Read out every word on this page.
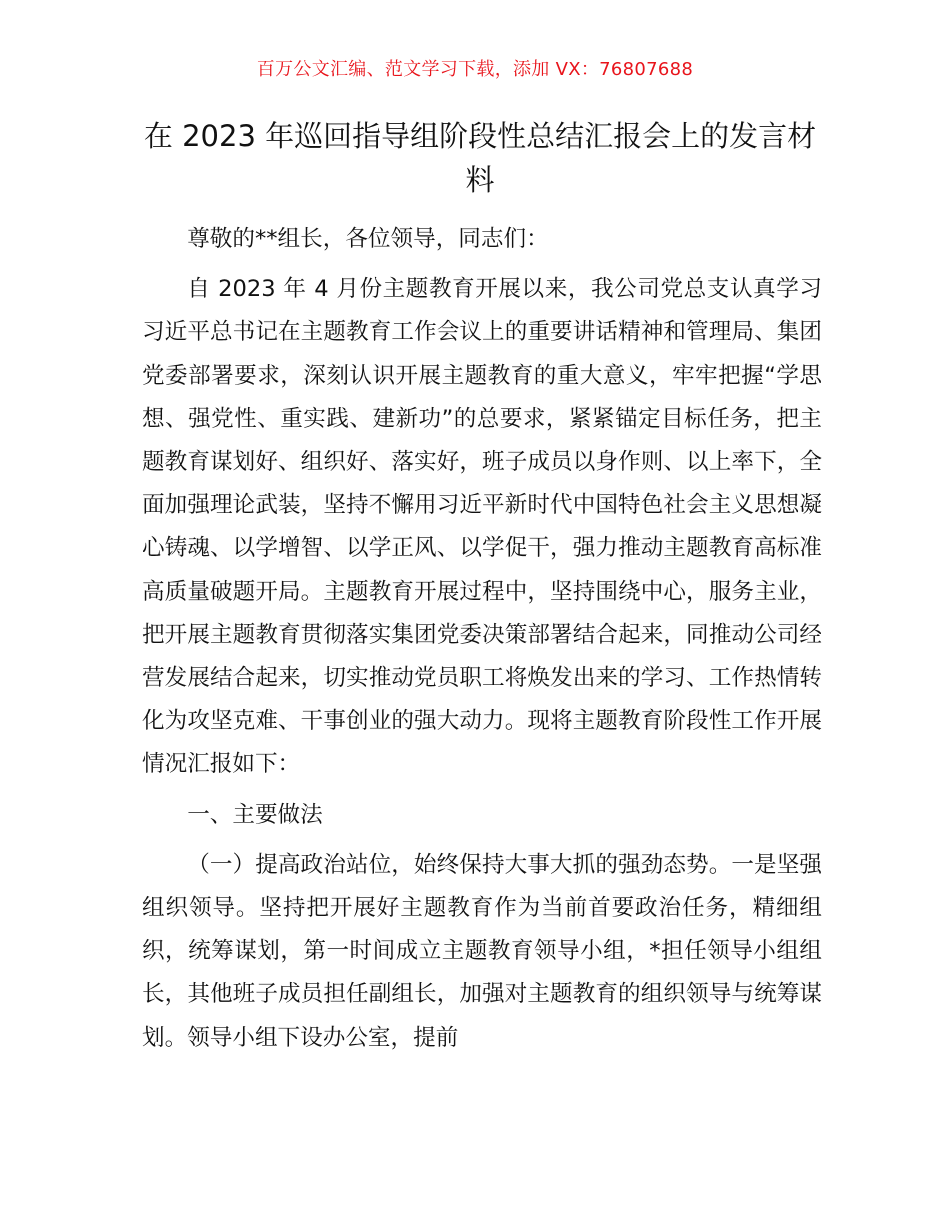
百万公文汇编、范文学习下载，添加 VX：76807688
在 2023 年巡回指导组阶段性总结汇报会上的发言材料

尊敬的**组长，各位领导，同志们：

自 2023 年 4 月份主题教育开展以来，我公司党总支认真学习习近平总书记在主题教育工作会议上的重要讲话精神和管理局、集团党委部署要求，深刻认识开展主题教育的重大意义，牢牢把握“学思想、强党性、重实践、建新功”的总要求，紧紧锚定目标任务，把主题教育谋划好、组织好、落实好，班子成员以身作则、以上率下，全面加强理论武装，坚持不懈用习近平新时代中国特色社会主义思想凝心铸魂、以学增智、以学正风、以学促干，强力推动主题教育高标准高质量破题开局。主题教育开展过程中，坚持围绕中心，服务主业，把开展主题教育贯彻落实集团党委决策部署结合起来，同推动公司经营发展结合起来，切实推动党员职工将焕发出来的学习、工作热情转化为攻坚克难、干事创业的强大动力。现将主题教育阶段性工作开展情况汇报如下：

一、主要做法

（一）提高政治站位，始终保持大事大抓的强劲态势。一是坚强组织领导。坚持把开展好主题教育作为当前首要政治任务，精细组织，统筹谋划，第一时间成立主题教育领导小组，*担任领导小组组长，其他班子成员担任副组长，加强对主题教育的组织领导与统筹谋划。领导小组下设办公室，提前
